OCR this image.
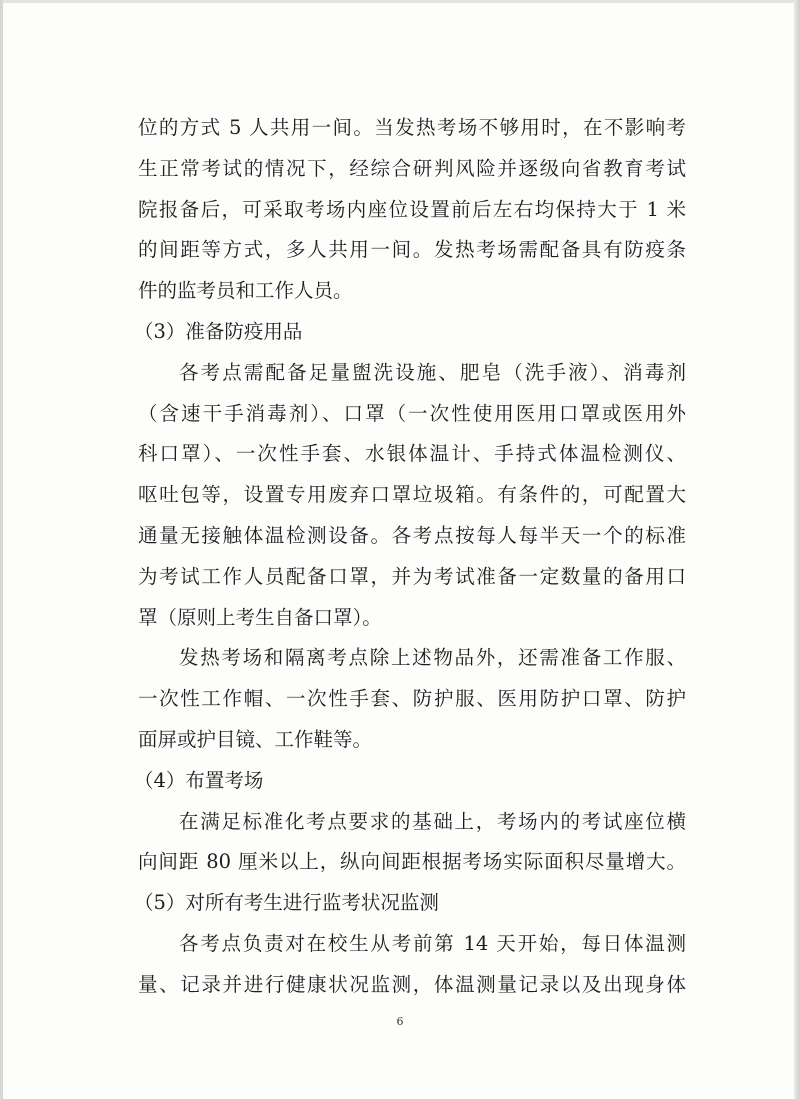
位的方式 5 人共用一间。当发热考场不够用时，在不影响考
生正常考试的情况下，经综合研判风险并逐级向省教育考试
院报备后，可采取考场内座位设置前后左右均保持大于 1 米
的间距等方式，多人共用一间。发热考场需配备具有防疫条
件的监考员和工作人员。
（3）准备防疫用品
各考点需配备足量盥洗设施、肥皂（洗手液）、消毒剂
（含速干手消毒剂）、口罩（一次性使用医用口罩或医用外
科口罩）、一次性手套、水银体温计、手持式体温检测仪、
呕吐包等，设置专用废弃口罩垃圾箱。有条件的，可配置大
通量无接触体温检测设备。各考点按每人每半天一个的标准
为考试工作人员配备口罩，并为考试准备一定数量的备用口
罩（原则上考生自备口罩）。
发热考场和隔离考点除上述物品外，还需准备工作服、
一次性工作帽、一次性手套、防护服、医用防护口罩、防护
面屏或护目镜、工作鞋等。
（4）布置考场
在满足标准化考点要求的基础上，考场内的考试座位横
向间距 80 厘米以上，纵向间距根据考场实际面积尽量增大。
（5）对所有考生进行监考状况监测
各考点负责对在校生从考前第 14 天开始，每日体温测
量、记录并进行健康状况监测，体温测量记录以及出现身体
6
